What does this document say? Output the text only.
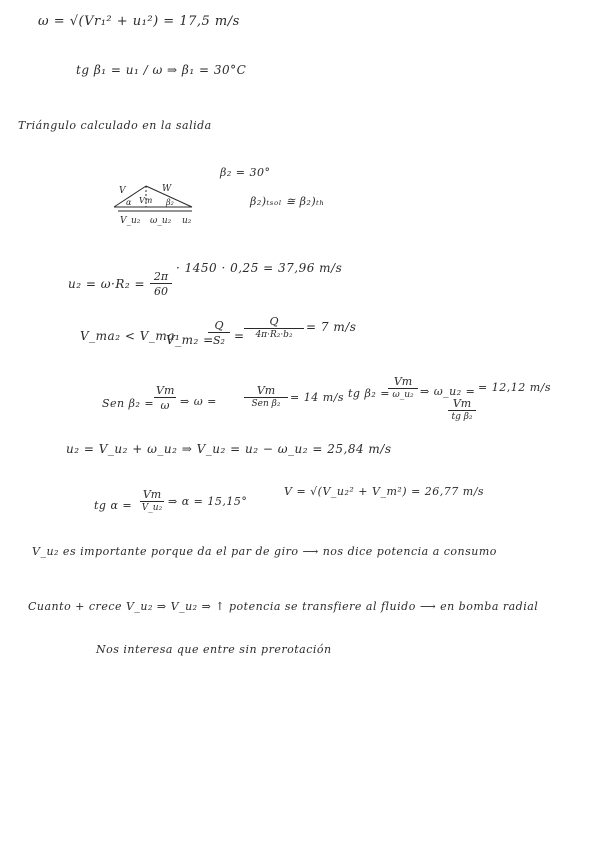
ω = √(Vr₁² + u₁²) = 17,5 m/s
tg β₁ = u₁ / ω ⇒ β₁ = 30°C
Triángulo calculado en la salida
β₂ = 30°
β₂)ₜₛₒₗ ≅ β₂)ₜₕ
V	W
Vm
α	β₂
V_u₂ ω_u₂ u₂
$u_2 = \omega\cdot R_2 = \frac{2\pi}{60}$
· 1450 · 0,25 = 37,96 m/s
V_ma₂ < V_ma₁
V_m₂ =
$\frac{Q}{\text{S₂}}$ =
Q
4π·R₂·b₂
= 7 m/s
Sen $\beta_2 = \frac{Vm}{\omega}$ ⇒ ω =
Vm
Sen β₂ = 14 m/s tg β₂ =
Vm
ω_u₂ ⇒ ω_u₂ =
Vm
tg β₂
= 12,12 m/s
u₂ = V_u₂ + ω_u₂ ⇒ V_u₂ = u₂ − ω_u₂ = 25,84 m/s
tg α =
Vm
V_u₂ ⇒ α = 15,15°
V = √(V_u₂² + V_m²) = 26,77 m/s
V_u₂ es importante porque da el par de giro ⟶ nos dice potencia a consumo
Cuanto + crece V_u₂ ⇒ V_u₂ ⇒ ↑ potencia se transfiere al fluido ⟶ en bomba radial
Nos interesa que entre sin prerotación
